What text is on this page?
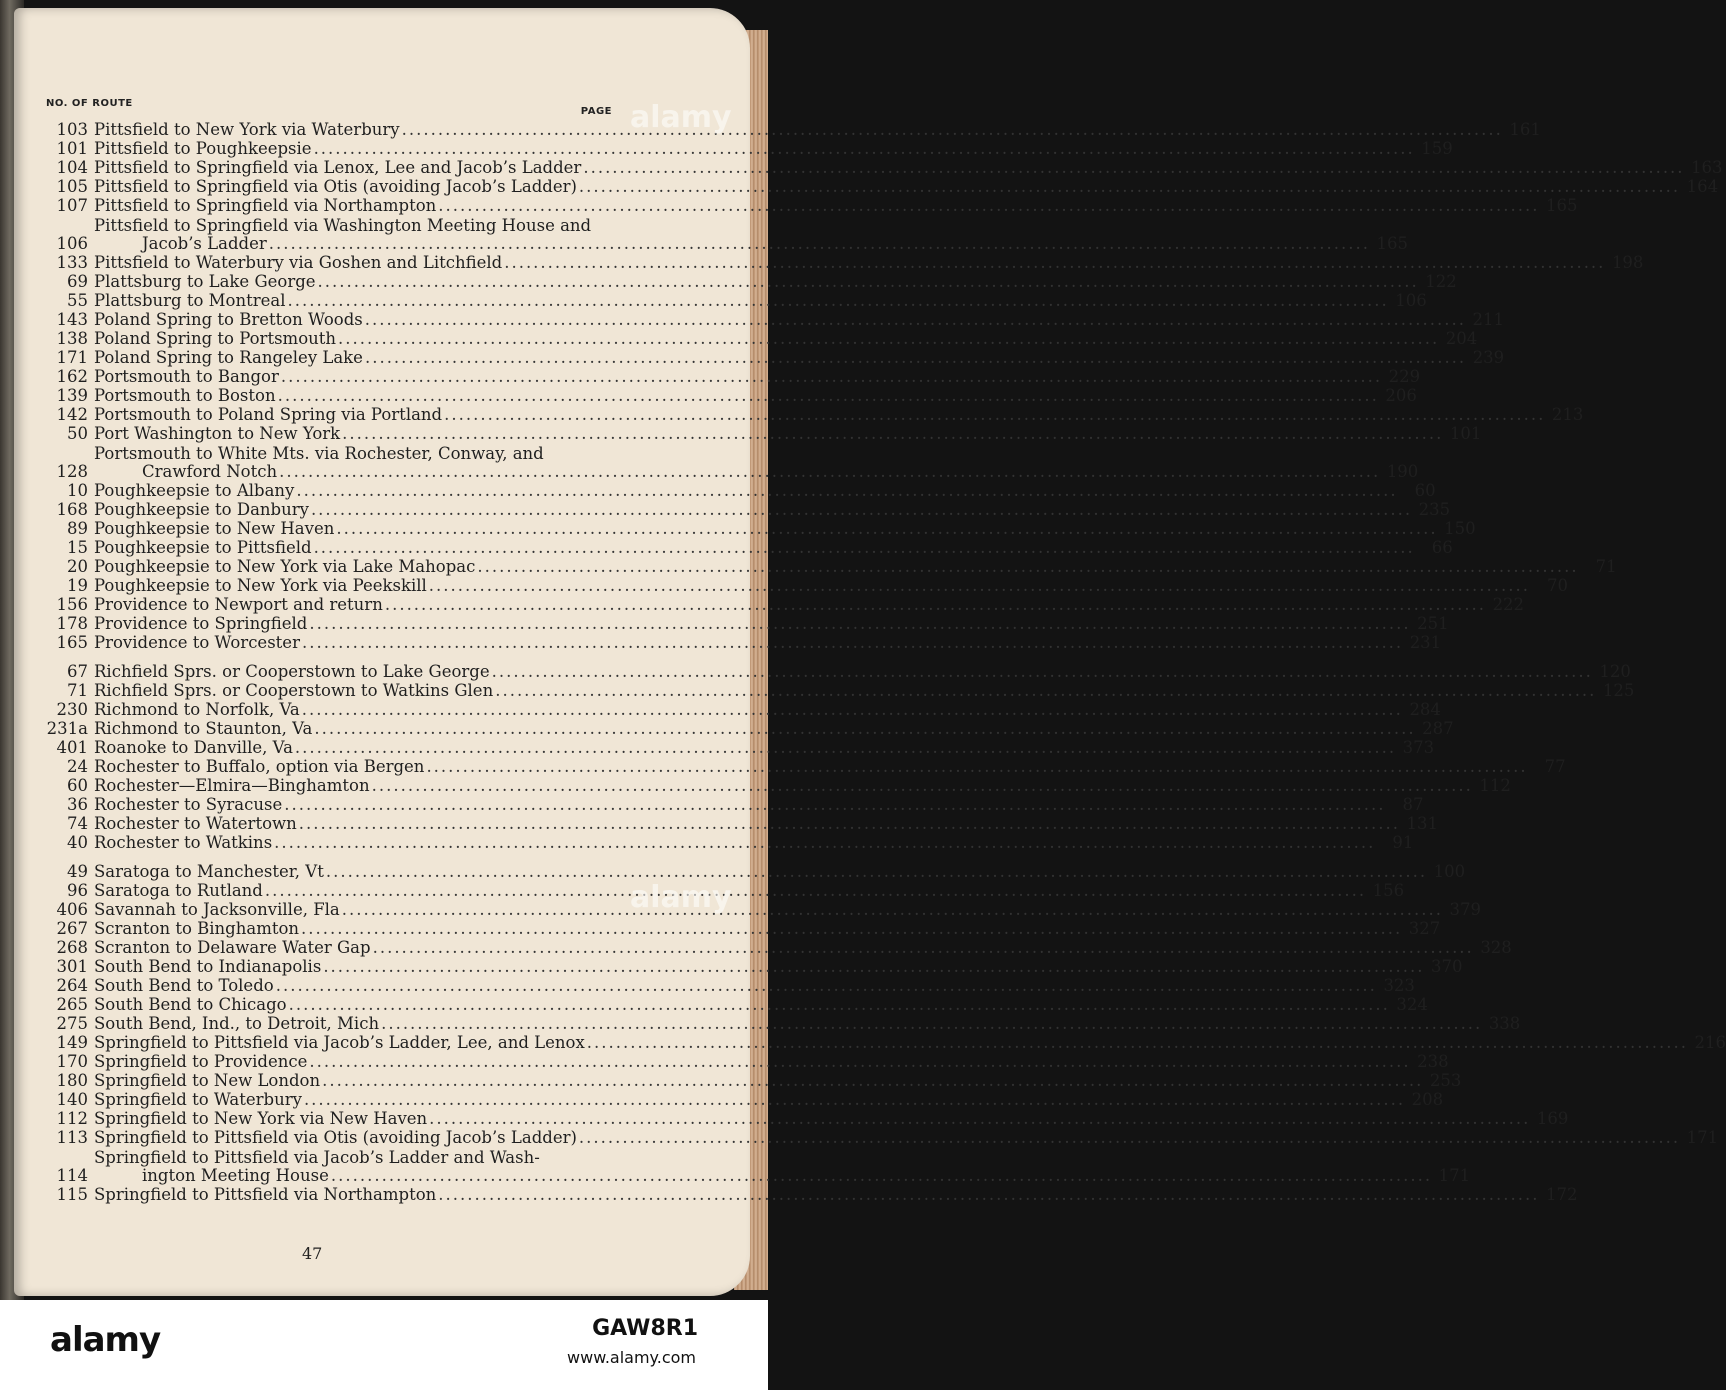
NO. OF ROUTE
PAGE
103 Pittsfield to New York via Waterbury .....	161
101 Pittsfield to Poughkeepsie .....	159
104 Pittsfield to Springfield via Lenox, Lee and Jacob’s Ladder .....	163
105 Pittsfield to Springfield via Otis (avoiding Jacob’s Ladder) .....	164
107 Pittsfield to Springfield via Northampton .....	165
106
Pittsfield to Springfield via Washington Meeting House and
Jacob’s Ladder .....	165
133 Pittsfield to Waterbury via Goshen and Litchfield .....	198
69 Plattsburg to Lake George .....	122
55 Plattsburg to Montreal .....	106
143 Poland Spring to Bretton Woods .....	211
138 Poland Spring to Portsmouth .....	204
171 Poland Spring to Rangeley Lake .....	239
162 Portsmouth to Bangor .....	229
139 Portsmouth to Boston .....	206
142 Portsmouth to Poland Spring via Portland .....	213
50 Port Washington to New York .....	101
128
Portsmouth to White Mts. via Rochester, Conway, and
Crawford Notch .....	190
10 Poughkeepsie to Albany .....	60
168 Poughkeepsie to Danbury .....	235
89 Poughkeepsie to New Haven .....	150
15 Poughkeepsie to Pittsfield .....	66
20 Poughkeepsie to New York via Lake Mahopac .....	71
19 Poughkeepsie to New York via Peekskill .....	70
156 Providence to Newport and return .....	222
178 Providence to Springfield .....	251
165 Providence to Worcester .....	231
67 Richfield Sprs. or Cooperstown to Lake George .....	120
71 Richfield Sprs. or Cooperstown to Watkins Glen .....	125
230 Richmond to Norfolk, Va .....	284
231a Richmond to Staunton, Va .....	287
401 Roanoke to Danville, Va .....	373
24 Rochester to Buffalo, option via Bergen .....	77
60 Rochester—Elmira—Binghamton .....	112
36 Rochester to Syracuse .....	87
74 Rochester to Watertown .....	131
40 Rochester to Watkins .....	91
49 Saratoga to Manchester, Vt .....	100
96 Saratoga to Rutland .....	156
406 Savannah to Jacksonville, Fla .....	379
267 Scranton to Binghamton .....	327
268 Scranton to Delaware Water Gap .....	328
301 South Bend to Indianapolis .....	370
264 South Bend to Toledo .....	323
265 South Bend to Chicago .....	324
275 South Bend, Ind., to Detroit, Mich .....	338
149 Springfield to Pittsfield via Jacob’s Ladder, Lee, and Lenox .....	216
170 Springfield to Providence .....	238
180 Springfield to New London .....	253
140 Springfield to Waterbury .....	208
112 Springfield to New York via New Haven .....	169
113 Springfield to Pittsfield via Otis (avoiding Jacob’s Ladder) .....	171
114
Springfield to Pittsfield via Jacob’s Ladder and Wash-
ington Meeting House .....	171
115 Springfield to Pittsfield via Northampton .....	172
47
alamy
alamy
alamy	GAW8R1
www.alamy.com
